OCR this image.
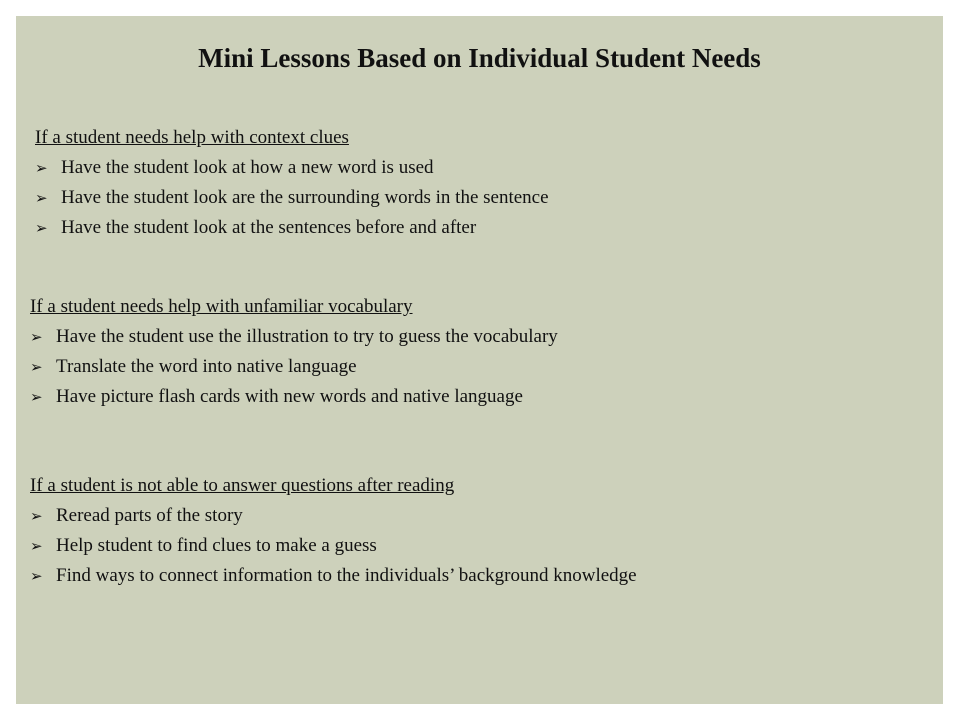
Mini Lessons Based on Individual Student Needs
If a student needs help with context clues
➢ Have the student look at how a new word is used
➢ Have the student look are the surrounding words in the sentence
➢ Have the student look at the sentences before and after
If a student needs help with unfamiliar vocabulary
➢ Have the student use the illustration to try to guess the vocabulary
➢ Translate the word into native language
➢ Have picture flash cards with new words and native language
If a student is not able to answer questions after reading
➢ Reread parts of the story
➢ Help student to find clues to make a guess
➢ Find ways to connect information to the individuals’ background knowledge
